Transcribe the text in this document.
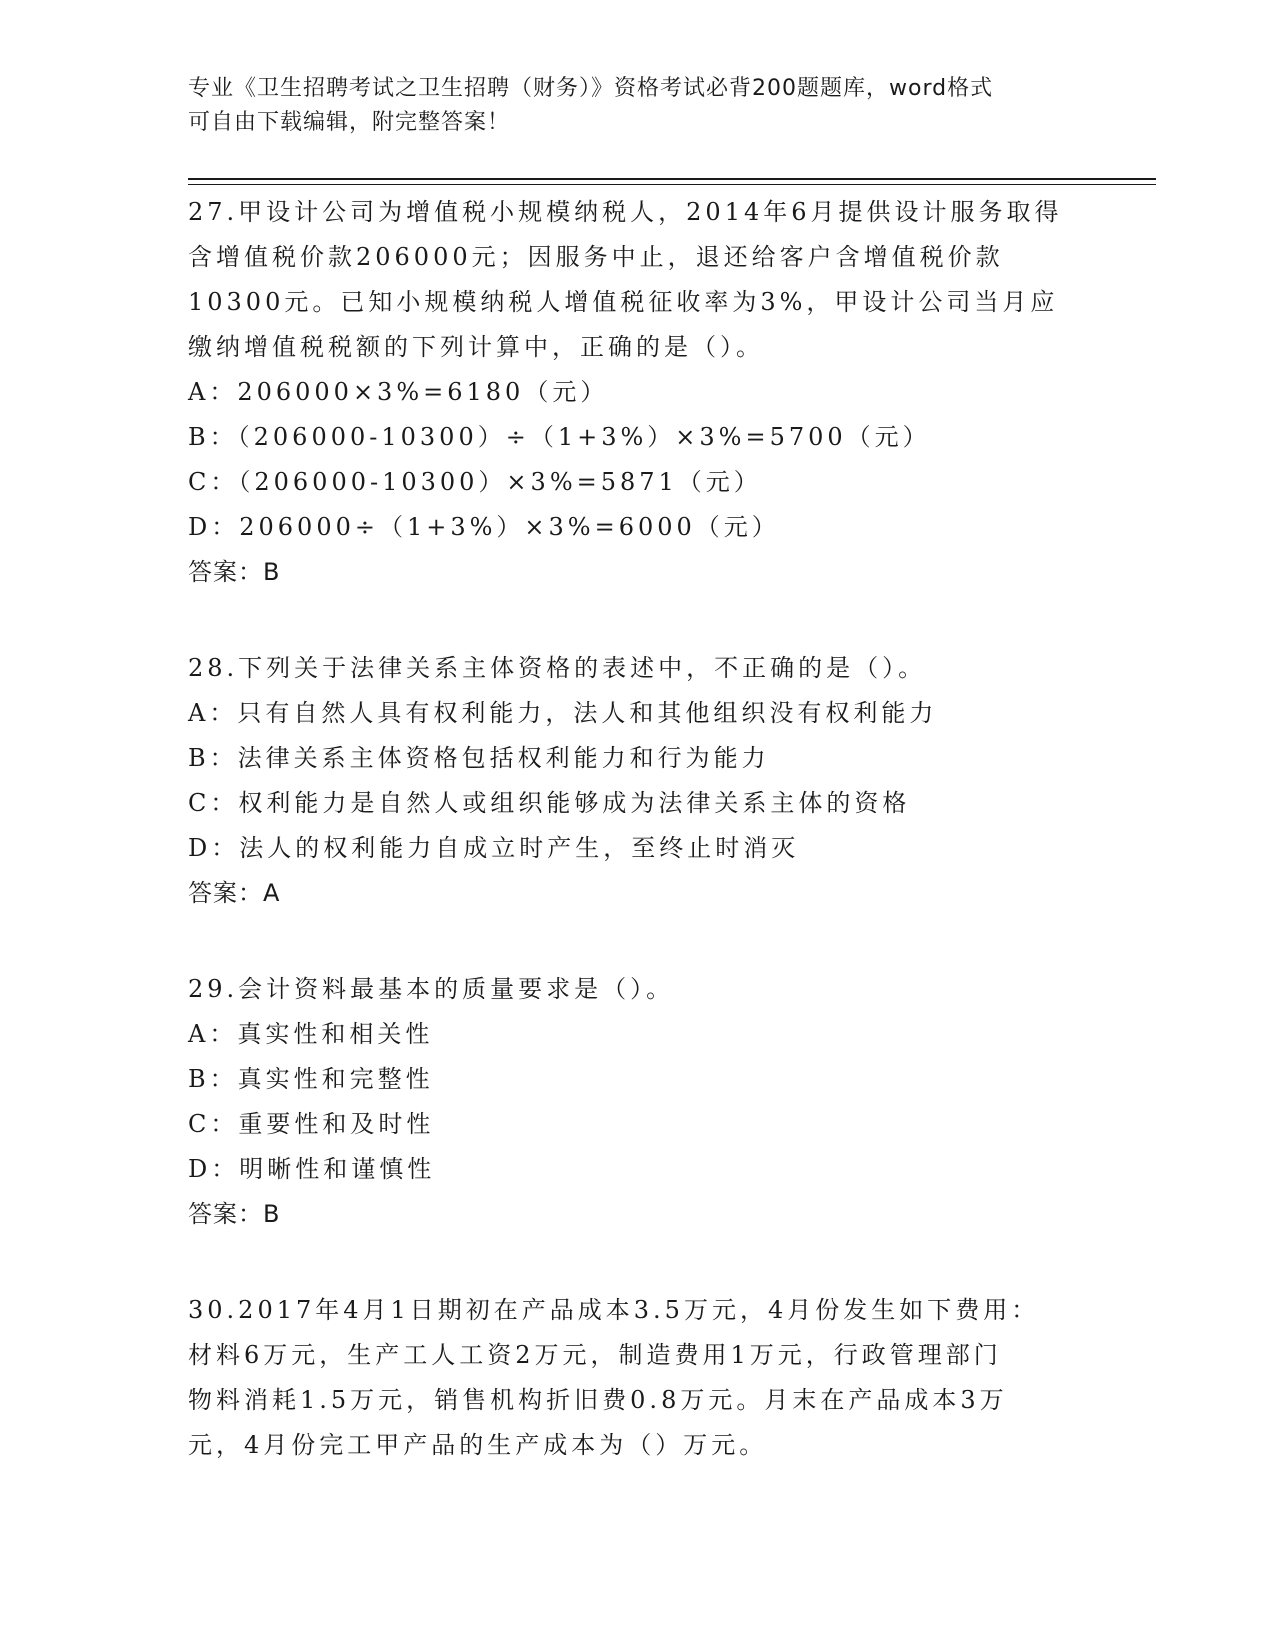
专业《卫生招聘考试之卫生招聘（财务）》资格考试必背200题题库，word格式
可自由下载编辑，附完整答案！
27.甲设计公司为增值税小规模纳税人，2014年6月提供设计服务取得
含增值税价款206000元；因服务中止，退还给客户含增值税价款
10300元。已知小规模纳税人增值税征收率为3%，甲设计公司当月应
缴纳增值税税额的下列计算中，正确的是（）。
A：206000×3%=6180（元）
B：（206000-10300）÷（1+3%）×3%=5700（元）
C：（206000-10300）×3%=5871（元）
D：206000÷（1+3%）×3%=6000（元）
答案：B
28.下列关于法律关系主体资格的表述中，不正确的是（）。
A：只有自然人具有权利能力，法人和其他组织没有权利能力
B：法律关系主体资格包括权利能力和行为能力
C：权利能力是自然人或组织能够成为法律关系主体的资格
D：法人的权利能力自成立时产生，至终止时消灭
答案：A
29.会计资料最基本的质量要求是（）。
A：真实性和相关性
B：真实性和完整性
C：重要性和及时性
D：明晰性和谨慎性
答案：B
30.2017年4月1日期初在产品成本3.5万元，4月份发生如下费用：
材料6万元，生产工人工资2万元，制造费用1万元，行政管理部门
物料消耗1.5万元，销售机构折旧费0.8万元。月末在产品成本3万
元，4月份完工甲产品的生产成本为（）万元。
